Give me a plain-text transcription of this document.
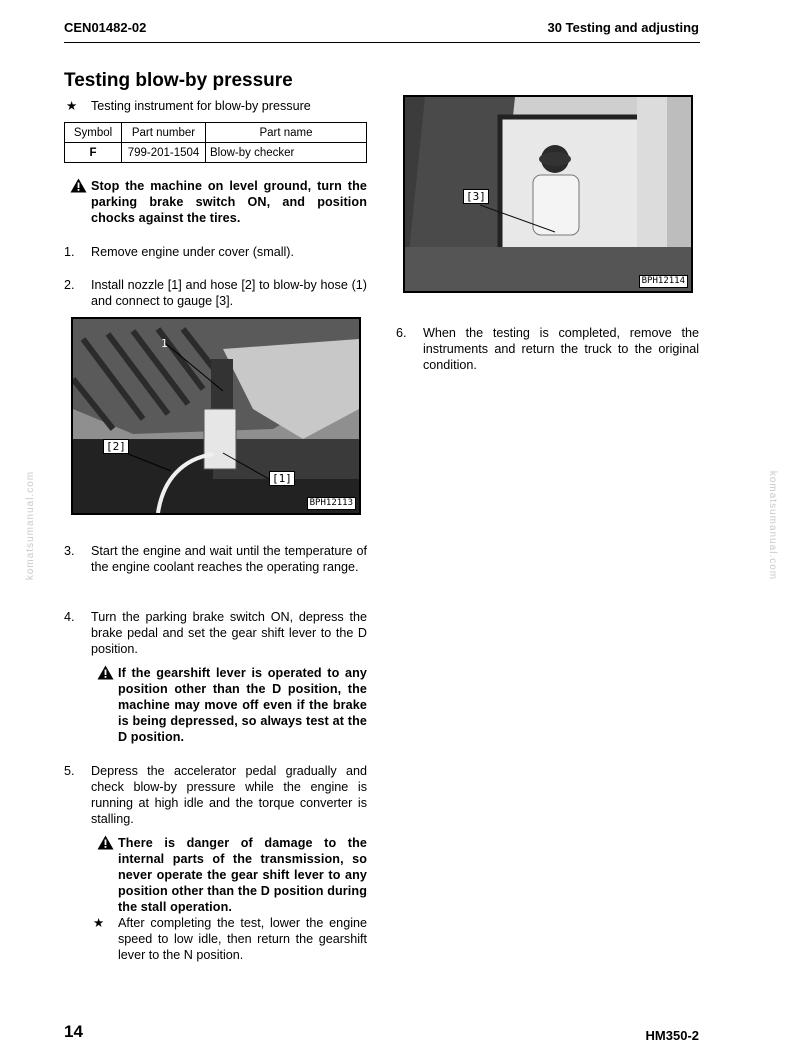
CEN01482-02	30 Testing and adjusting
Testing blow-by pressure
★ Testing instrument for blow-by pressure
Symbol	Part number	Part name
F	799-201-1504	Blow-by checker
Stop the machine on level ground, turn the parking brake switch ON, and position chocks against the tires.
1. Remove engine under cover (small).
2. Install nozzle [1] and hose [2] to blow-by hose (1) and connect to gauge [3].
1
[2]
[1]
BPH12113
3. Start the engine and wait until the temperature of the engine coolant reaches the operating range.
4. Turn the parking brake switch ON, depress the brake pedal and set the gear shift lever to the D position.
If the gearshift lever is operated to any position other than the D position, the machine may move off even if the brake is being depressed, so always test at the D position.
5. Depress the accelerator pedal gradually and check blow-by pressure while the engine is running at high idle and the torque converter is stalling.
There is danger of damage to the internal parts of the transmission, so never operate the gear shift lever to any position other than the D position during the stall operation.
★ After completing the test, lower the engine speed to low idle, then return the gearshift lever to the N position.
[3]
BPH12114
6. When the testing is completed, remove the instruments and return the truck to the original condition.
komatsumanual.com	komatsumanual.com
14	HM350-2
